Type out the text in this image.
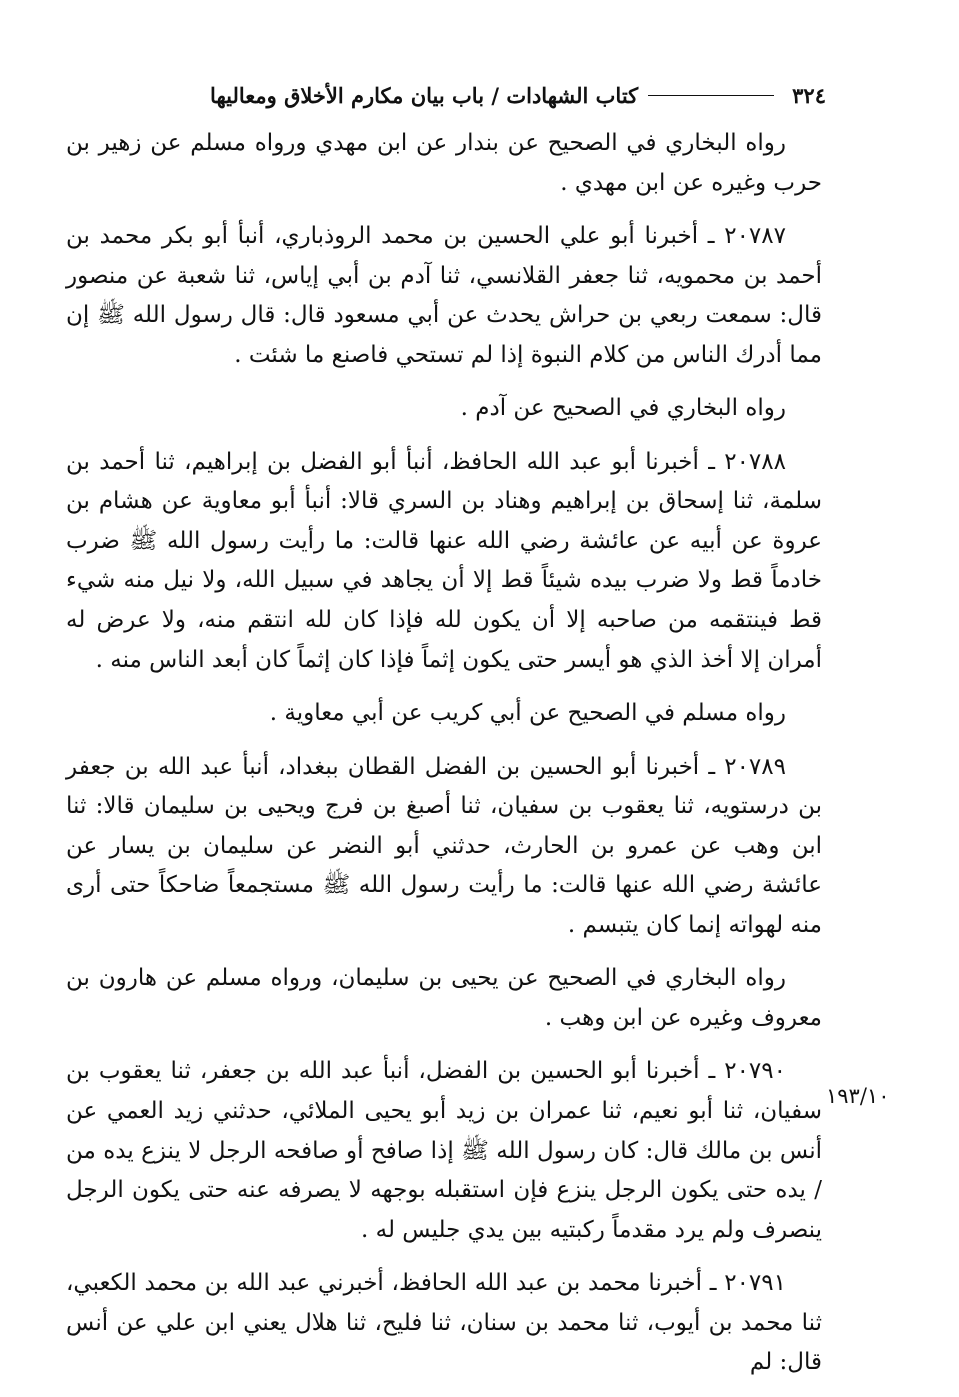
٣٢٤
كتاب الشهادات / باب بيان مكارم الأخلاق ومعاليها

رواه البخاري في الصحيح عن بندار عن ابن مهدي ورواه مسلم عن زهير بن حرب وغيره عن ابن مهدي .

٢٠٧٨٧ ـ أخبرنا أبو علي الحسين بن محمد الروذباري، أنبأ أبو بكر محمد بن أحمد بن محمويه، ثنا جعفر القلانسي، ثنا آدم بن أبي إياس، ثنا شعبة عن منصور قال: سمعت ربعي بن حراش يحدث عن أبي مسعود قال: قال رسول الله ﷺ إن مما أدرك الناس من كلام النبوة إذا لم تستحي فاصنع ما شئت .

رواه البخاري في الصحيح عن آدم .

٢٠٧٨٨ ـ أخبرنا أبو عبد الله الحافظ، أنبأ أبو الفضل بن إبراهيم، ثنا أحمد بن سلمة، ثنا إسحاق بن إبراهيم وهناد بن السري قالا: أنبأ أبو معاوية عن هشام بن عروة عن أبيه عن عائشة رضي الله عنها قالت: ما رأيت رسول الله ﷺ ضرب خادماً قط ولا ضرب بيده شيئاً قط إلا أن يجاهد في سبيل الله، ولا نيل منه شيء قط فينتقمه من صاحبه إلا أن يكون لله فإذا كان لله انتقم منه، ولا عرض له أمران إلا أخذ الذي هو أيسر حتى يكون إثماً فإذا كان إثماً كان أبعد الناس منه .

رواه مسلم في الصحيح عن أبي كريب عن أبي معاوية .

٢٠٧٨٩ ـ أخبرنا أبو الحسين بن الفضل القطان ببغداد، أنبأ عبد الله بن جعفر بن درستويه، ثنا يعقوب بن سفيان، ثنا أصبغ بن فرج ويحيى بن سليمان قالا: ثنا ابن وهب عن عمرو بن الحارث، حدثني أبو النضر عن سليمان بن يسار عن عائشة رضي الله عنها قالت: ما رأيت رسول الله ﷺ مستجمعاً ضاحكاً حتى أرى منه لهواته إنما كان يتبسم .

رواه البخاري في الصحيح عن يحيى بن سليمان، ورواه مسلم عن هارون بن معروف وغيره عن ابن وهب .

٢٠٧٩٠ ـ أخبرنا أبو الحسين بن الفضل، أنبأ عبد الله بن جعفر، ثنا يعقوب بن سفيان، ثنا أبو نعيم، ثنا عمران بن زيد أبو يحيى الملائي، حدثني زيد العمي عن أنس بن مالك قال: كان رسول الله ﷺ إذا صافح أو صافحه الرجل لا ينزع يده من / يده حتى يكون الرجل ينزع فإن استقبله بوجهه لا يصرفه عنه حتى يكون الرجل ينصرف ولم يرد مقدماً ركبتيه بين يدي جليس له .

٢٠٧٩١ ـ أخبرنا محمد بن عبد الله الحافظ، أخبرني عبد الله بن محمد الكعبي، ثنا محمد بن أيوب، ثنا محمد بن سنان، ثنا فليح، ثنا هلال يعني ابن علي عن أنس قال: لم

١٩٣/١٠
